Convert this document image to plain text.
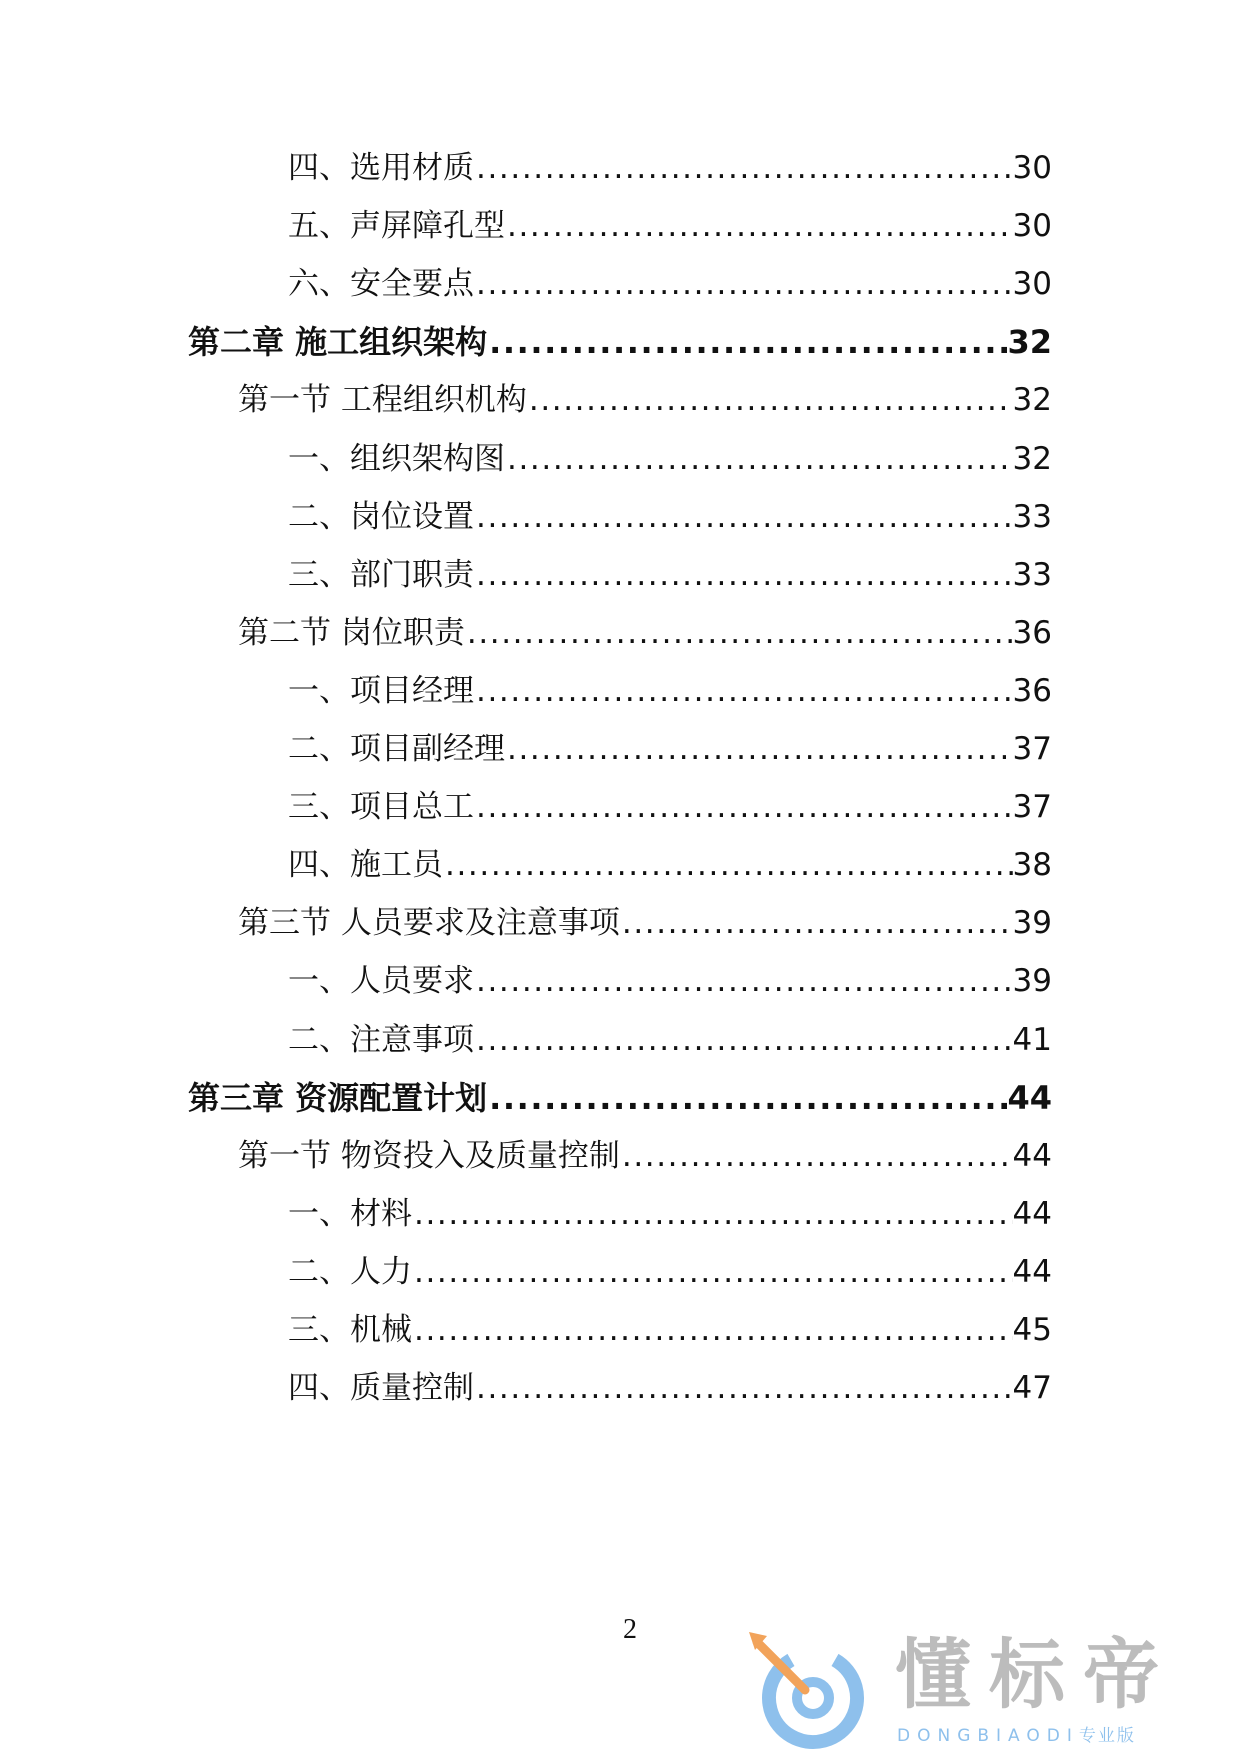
四、选用材质 .....	30
五、声屏障孔型 .....	30
六、安全要点 .....	30
第二章 施工组织架构 .....	32
第一节 工程组织机构 .....	32
一、组织架构图 .....	32
二、岗位设置 .....	33
三、部门职责 .....	33
第二节 岗位职责 .....	36
一、项目经理 .....	36
二、项目副经理 .....	37
三、项目总工 .....	37
四、施工员 .....	38
第三节 人员要求及注意事项 .....	39
一、人员要求 .....	39
二、注意事项 .....	41
第三章 资源配置计划 .....	44
第一节 物资投入及质量控制 .....	44
一、材料 .....	44
二、人力 .....	44
三、机械 .....	45
四、质量控制 .....	47
2
懂标帝
DONGBIAODI专业版
